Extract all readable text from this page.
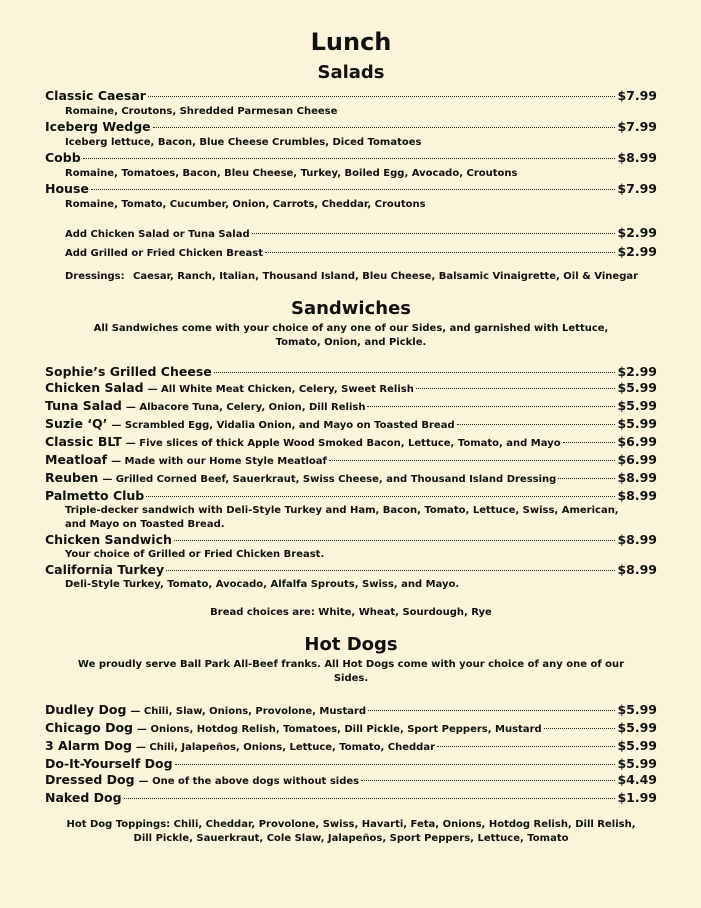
Lunch
Salads
Classic Caesar	$7.99
Romaine, Croutons, Shredded Parmesan Cheese
Iceberg Wedge	$7.99
Iceberg lettuce, Bacon, Blue Cheese Crumbles, Diced Tomatoes
Cobb	$8.99
Romaine, Tomatoes, Bacon, Bleu Cheese, Turkey, Boiled Egg, Avocado, Croutons
House	$7.99
Romaine, Tomato, Cucumber, Onion, Carrots, Cheddar, Croutons
Add Chicken Salad or Tuna Salad	$2.99
Add Grilled or Fried Chicken Breast	$2.99
Dressings: Caesar, Ranch, Italian, Thousand Island, Bleu Cheese, Balsamic Vinaigrette, Oil & Vinegar
Sandwiches
All Sandwiches come with your choice of any one of our Sides, and garnished with Lettuce, Tomato, Onion, and Pickle.
Sophie’s Grilled Cheese	$2.99
Chicken Salad — All White Meat Chicken, Celery, Sweet Relish	$5.99
Tuna Salad — Albacore Tuna, Celery, Onion, Dill Relish	$5.99
Suzie ‘Q’ — Scrambled Egg, Vidalia Onion, and Mayo on Toasted Bread	$5.99
Classic BLT — Five slices of thick Apple Wood Smoked Bacon, Lettuce, Tomato, and Mayo	$6.99
Meatloaf — Made with our Home Style Meatloaf	$6.99
Reuben — Grilled Corned Beef, Sauerkraut, Swiss Cheese, and Thousand Island Dressing	$8.99
Palmetto Club	$8.99
Triple-decker sandwich with Deli-Style Turkey and Ham, Bacon, Tomato, Lettuce, Swiss, American, and Mayo on Toasted Bread.
Chicken Sandwich	$8.99
Your choice of Grilled or Fried Chicken Breast.
California Turkey	$8.99
Deli-Style Turkey, Tomato, Avocado, Alfalfa Sprouts, Swiss, and Mayo.
Bread choices are: White, Wheat, Sourdough, Rye
Hot Dogs
We proudly serve Ball Park All-Beef franks. All Hot Dogs come with your choice of any one of our Sides.
Dudley Dog — Chili, Slaw, Onions, Provolone, Mustard	$5.99
Chicago Dog — Onions, Hotdog Relish, Tomatoes, Dill Pickle, Sport Peppers, Mustard	$5.99
3 Alarm Dog — Chili, Jalapeños, Onions, Lettuce, Tomato, Cheddar	$5.99
Do-It-Yourself Dog	$5.99
Dressed Dog — One of the above dogs without sides	$4.49
Naked Dog	$1.99
Hot Dog Toppings: Chili, Cheddar, Provolone, Swiss, Havarti, Feta, Onions, Hotdog Relish, Dill Relish, Dill Pickle, Sauerkraut, Cole Slaw, Jalapeños, Sport Peppers, Lettuce, Tomato
